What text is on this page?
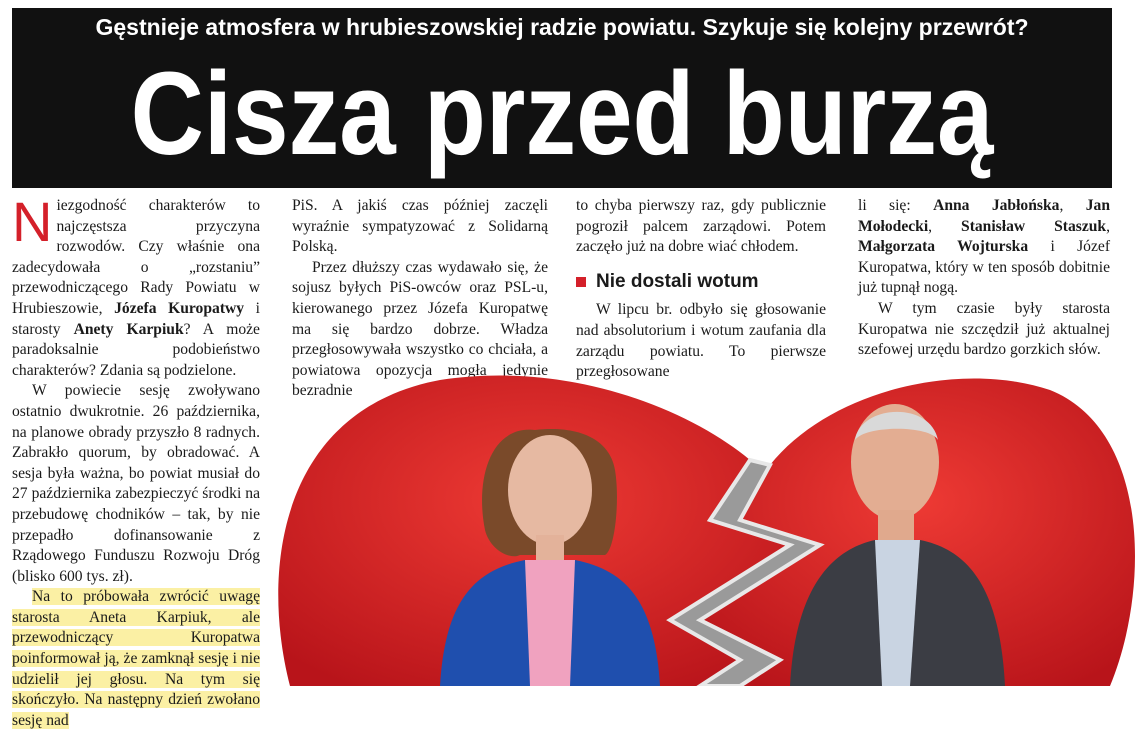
Gęstnieje atmosfera w hrubieszowskiej radzie powiatu. Szykuje się kolejny przewrót?
Cisza przed burzą

Niezgodność charakterów to najczęstsza przyczyna rozwodów. Czy właśnie ona zadecydowała o „rozstaniu” przewodniczącego Rady Powiatu w Hrubieszowie, Józefa Kuropatwy i starosty Anety Karpiuk? A może paradoksalnie podobieństwo charakterów? Zdania są podzielone.

W powiecie sesję zwoływano ostatnio dwukrotnie. 26 października, na planowe obrady przyszło 8 radnych. Zabrakło quorum, by obradować. A sesja była ważna, bo powiat musiał do 27 października zabezpieczyć środki na przebudowę chodników – tak, by nie przepadło dofinansowanie z Rządowego Funduszu Rozwoju Dróg (blisko 600 tys. zł).

Na to próbowała zwrócić uwagę starosta Aneta Karpiuk, ale przewodniczący Kuropatwa poinformował ją, że zamknął sesję i nie udzielił jej głosu. Na tym się skończyło. Na następny dzień zwołano sesję nad

PiS. A jakiś czas później zaczęli wyraźnie sympatyzować z Solidarną Polską.

Przez dłuższy czas wydawało się, że sojusz byłych PiS-owców oraz PSL-u, kierowanego przez Józefa Kuropatwę ma się bardzo dobrze. Władza przegłosowywała wszystko co chciała, a powiatowa opozycja mogła jedynie bezradnie

to chyba pierwszy raz, gdy publicznie pogroził palcem zarządowi. Potem zaczęło już na dobre wiać chłodem.

Nie dostali wotum

W lipcu br. odbyło się głosowanie nad absolutorium i wotum zaufania dla zarządu powiatu. To pierwsze przegłosowane

li się: Anna Jabłońska, Jan Mołodecki, Stanisław Staszuk, Małgorzata Wojturska i Józef Kuropatwa, który w ten sposób dobitnie już tupnął nogą.

W tym czasie były starosta Kuropatwa nie szczędził już aktualnej szefowej urzędu bardzo gorzkich słów.
